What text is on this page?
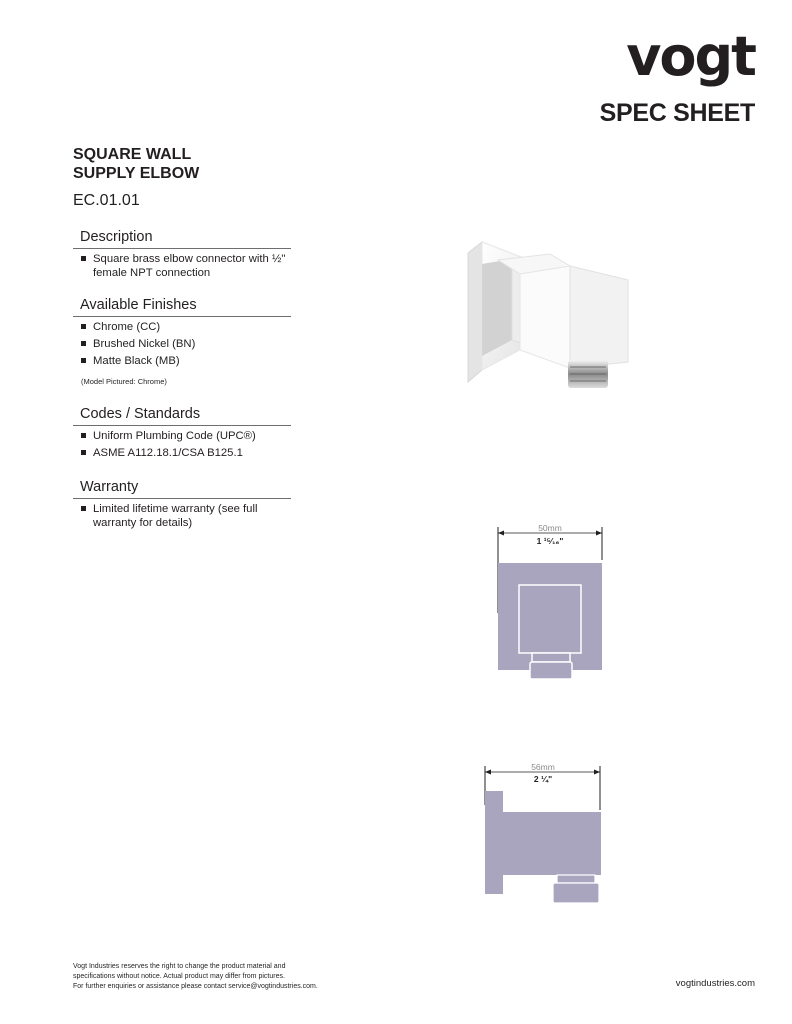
vogt
SPEC SHEET
SQUARE WALL
SUPPLY ELBOW
EC.01.01
Description
Square brass elbow connector with ½" female NPT connection
Available Finishes
Chrome (CC)
Brushed Nickel (BN)
Matte Black (MB)
(Model Pictured: Chrome)
Codes / Standards
Uniform Plumbing Code (UPC®)
ASME A112.18.1/CSA B125.1
Warranty
Limited lifetime warranty (see full warranty for details)	50mm
1 ¹⁵⁄₁₆"
56mm
2 ¼"
Vogt Industries reserves the right to change the product material and
specifications without notice. Actual product may differ from pictures.
For further enquiries or assistance please contact service@vogtindustries.com.	vogtindustries.com
